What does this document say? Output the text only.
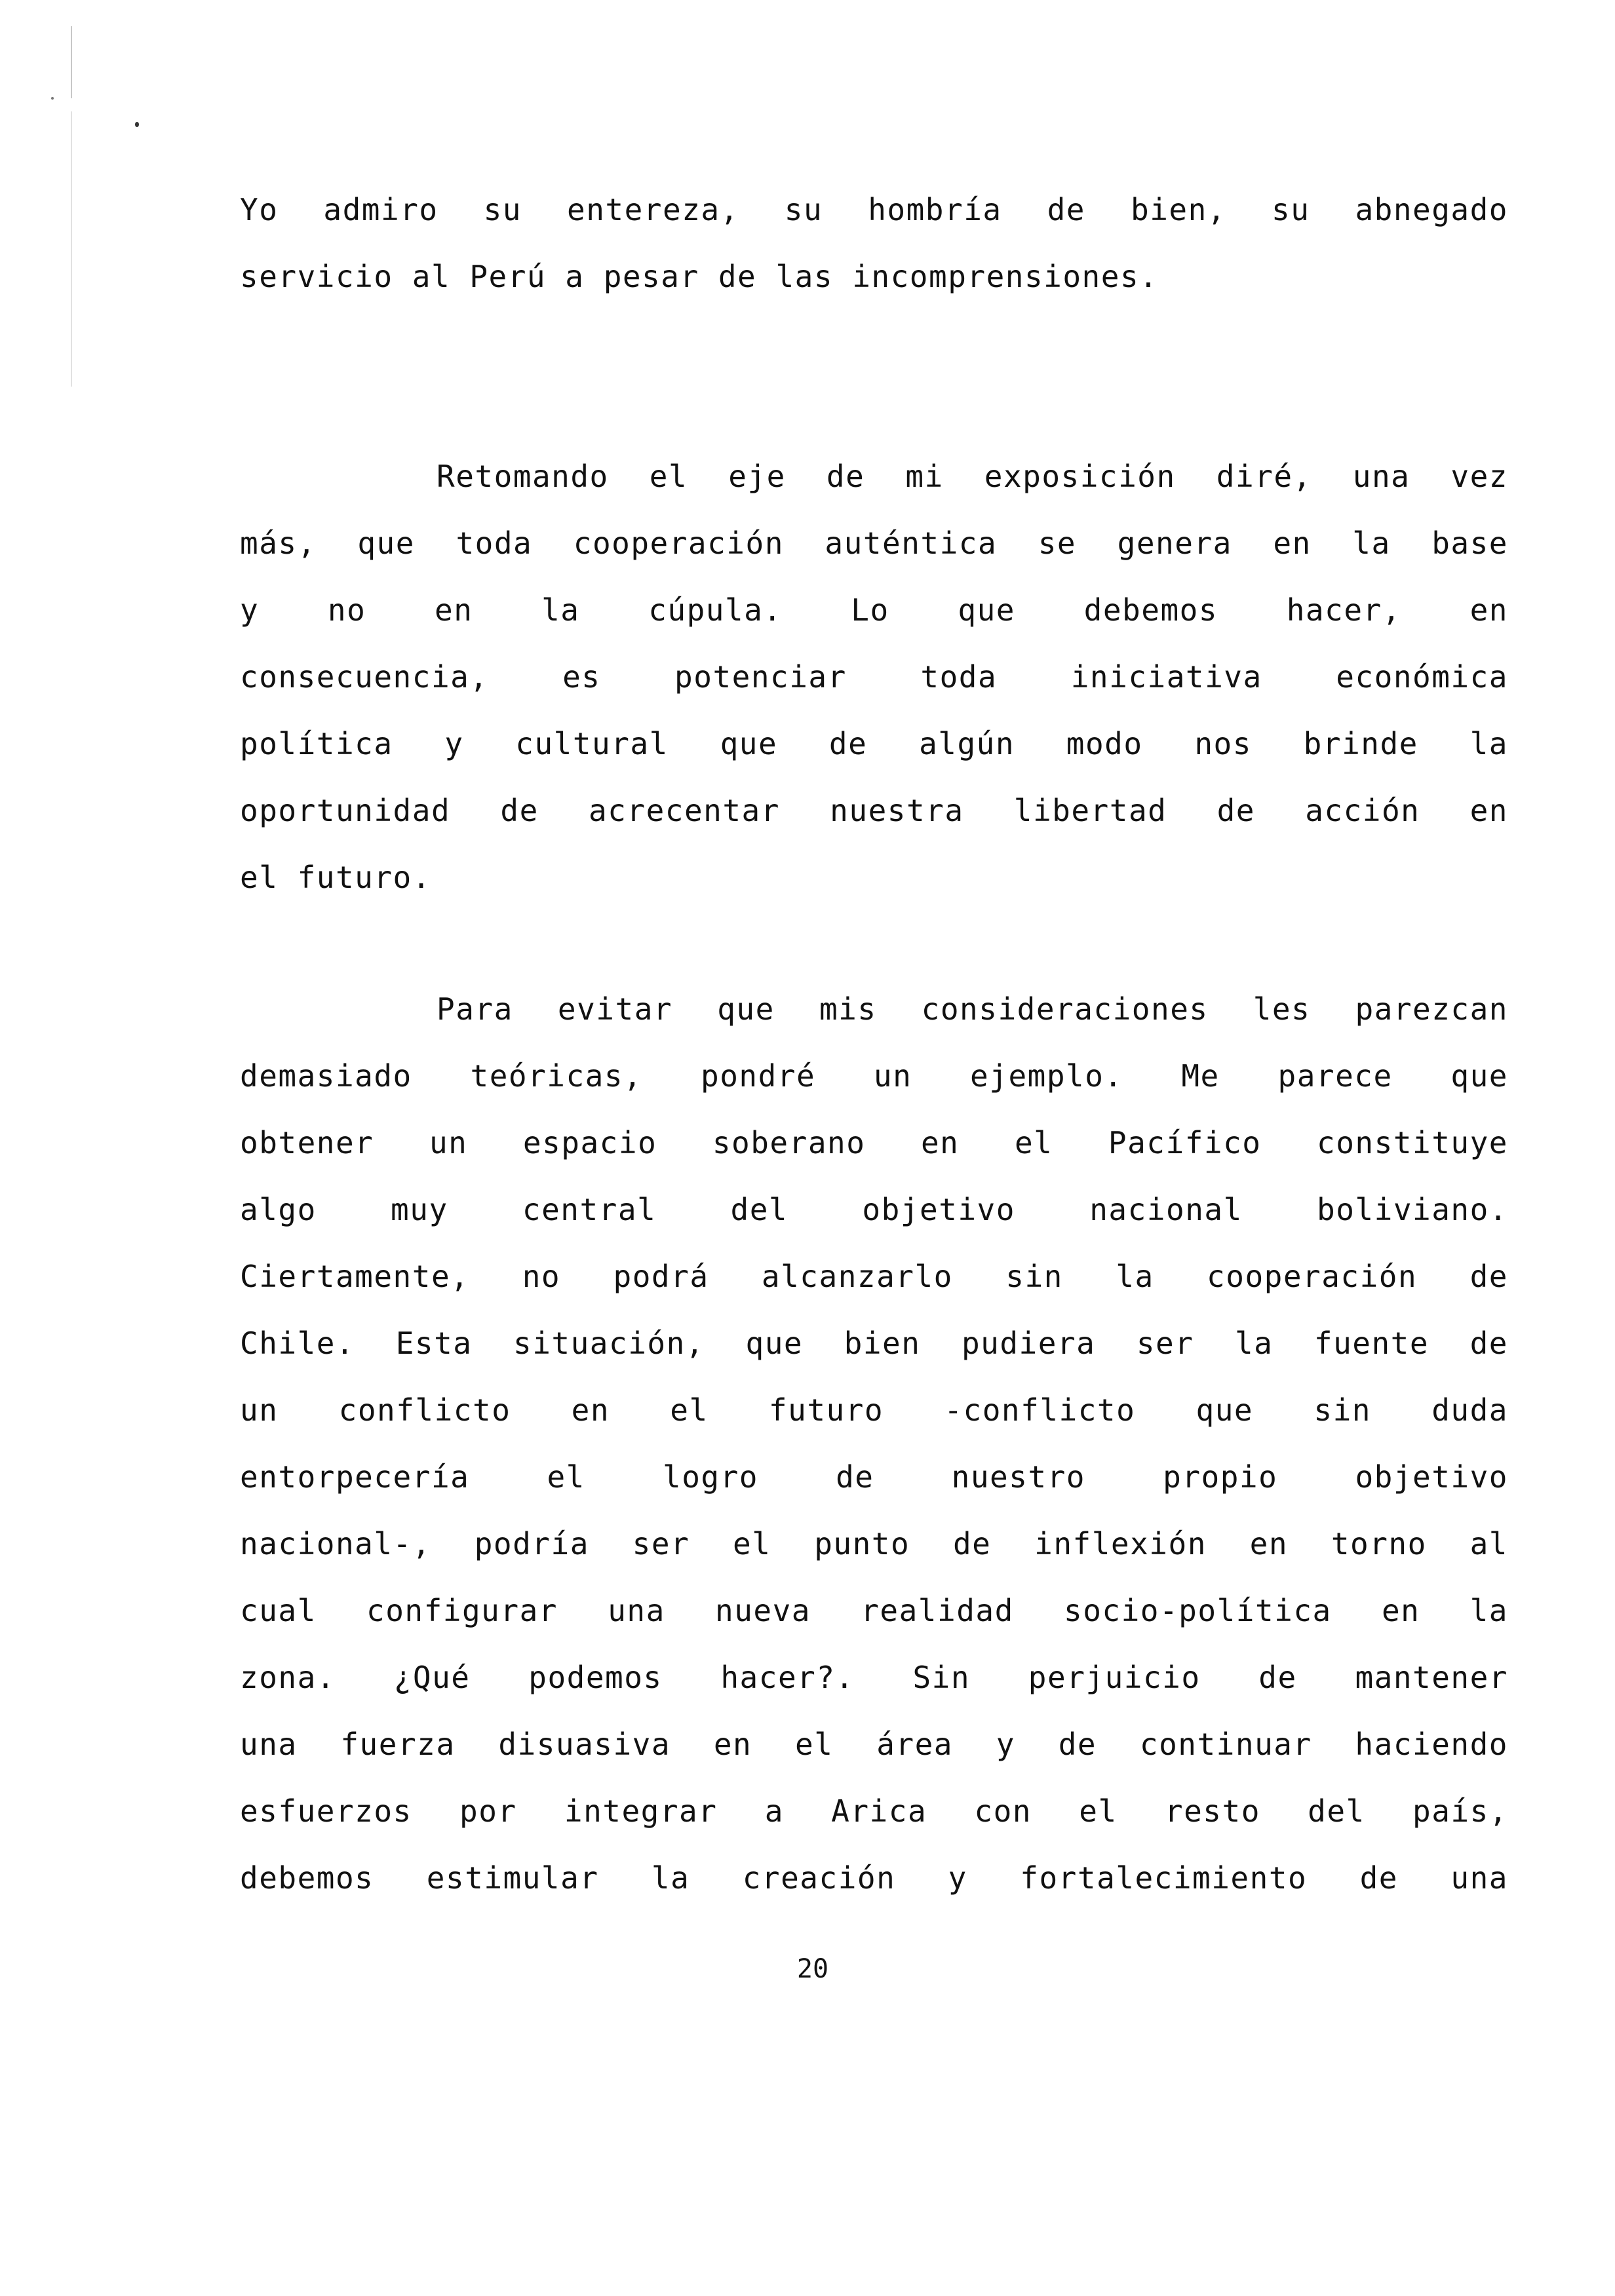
Yo admiro su entereza, su hombría de bien, su abnegado
servicio al Perú a pesar de las incomprensiones.
Retomando el eje de mi exposición diré, una vez
más, que toda cooperación auténtica se genera en la base
y no en la cúpula. Lo que debemos hacer, en
consecuencia, es potenciar toda iniciativa económica
política y cultural que de algún modo nos brinde la
oportunidad de acrecentar nuestra libertad de acción en
el futuro.
Para evitar que mis consideraciones les parezcan
demasiado teóricas, pondré un ejemplo. Me parece que
obtener un espacio soberano en el Pacífico constituye
algo muy central del objetivo nacional boliviano.
Ciertamente, no podrá alcanzarlo sin la cooperación de
Chile. Esta situación, que bien pudiera ser la fuente de
un conflicto en el futuro -conflicto que sin duda
entorpecería el logro de nuestro propio objetivo
nacional-, podría ser el punto de inflexión en torno al
cual configurar una nueva realidad socio-política en la
zona. ¿Qué podemos hacer?. Sin perjuicio de mantener
una fuerza disuasiva en el área y de continuar haciendo
esfuerzos por integrar a Arica con el resto del país,
debemos estimular la creación y fortalecimiento de una
20
